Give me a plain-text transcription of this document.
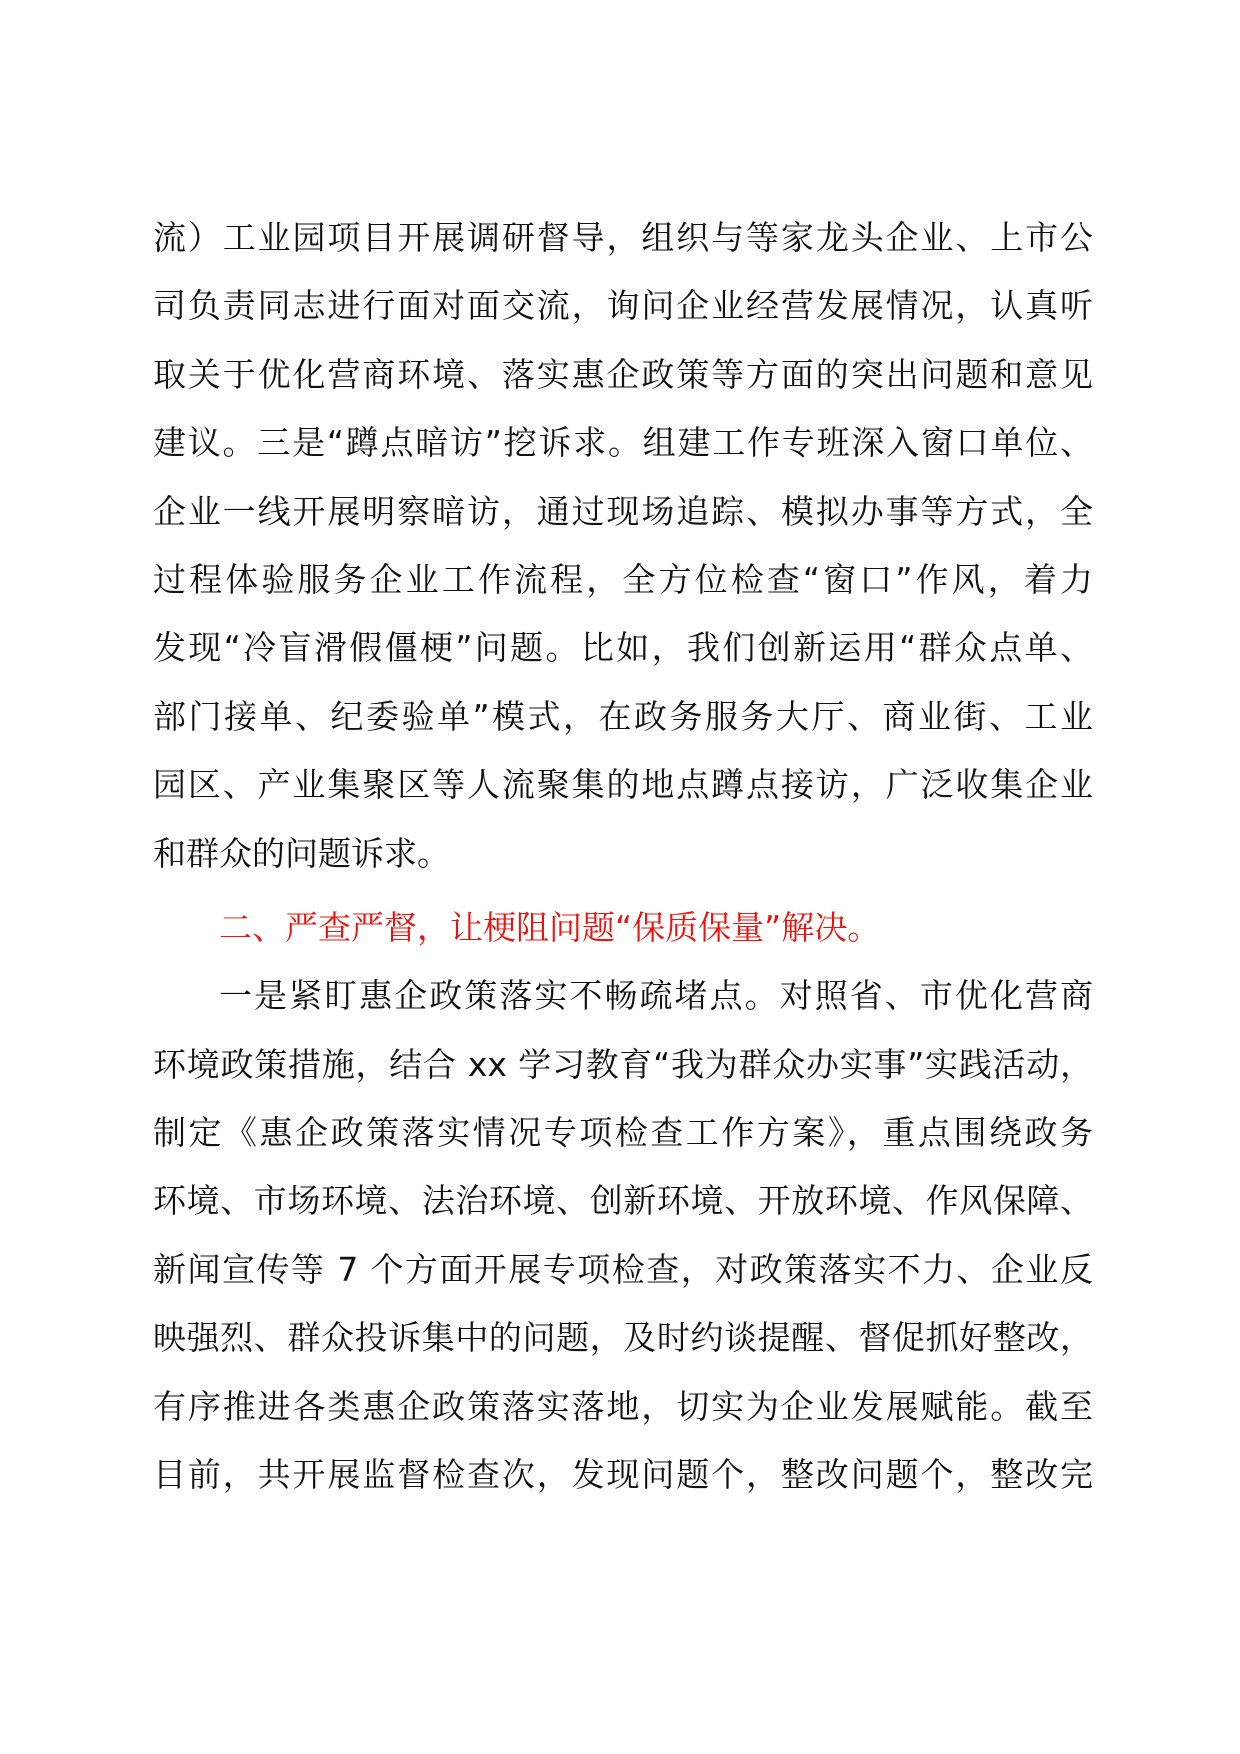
流）工业园项目开展调研督导，组织与等家龙头企业、上市公
司负责同志进行面对面交流，询问企业经营发展情况，认真听
取关于优化营商环境、落实惠企政策等方面的突出问题和意见
建议。三是“蹲点暗访”挖诉求。组建工作专班深入窗口单位、
企业一线开展明察暗访，通过现场追踪、模拟办事等方式，全
过程体验服务企业工作流程，全方位检查“窗口”作风，着力
发现“冷盲滑假僵梗”问题。比如，我们创新运用“群众点单、
部门接单、纪委验单”模式，在政务服务大厅、商业街、工业
园区、产业集聚区等人流聚集的地点蹲点接访，广泛收集企业
和群众的问题诉求。
二、严查严督，让梗阻问题“保质保量”解决。
一是紧盯惠企政策落实不畅疏堵点。对照省、市优化营商
环境政策措施，结合 xx 学习教育“我为群众办实事”实践活动，
制定《惠企政策落实情况专项检查工作方案》，重点围绕政务
环境、市场环境、法治环境、创新环境、开放环境、作风保障、
新闻宣传等 7 个方面开展专项检查，对政策落实不力、企业反
映强烈、群众投诉集中的问题，及时约谈提醒、督促抓好整改，
有序推进各类惠企政策落实落地，切实为企业发展赋能。截至
目前，共开展监督检查次，发现问题个，整改问题个，整改完
